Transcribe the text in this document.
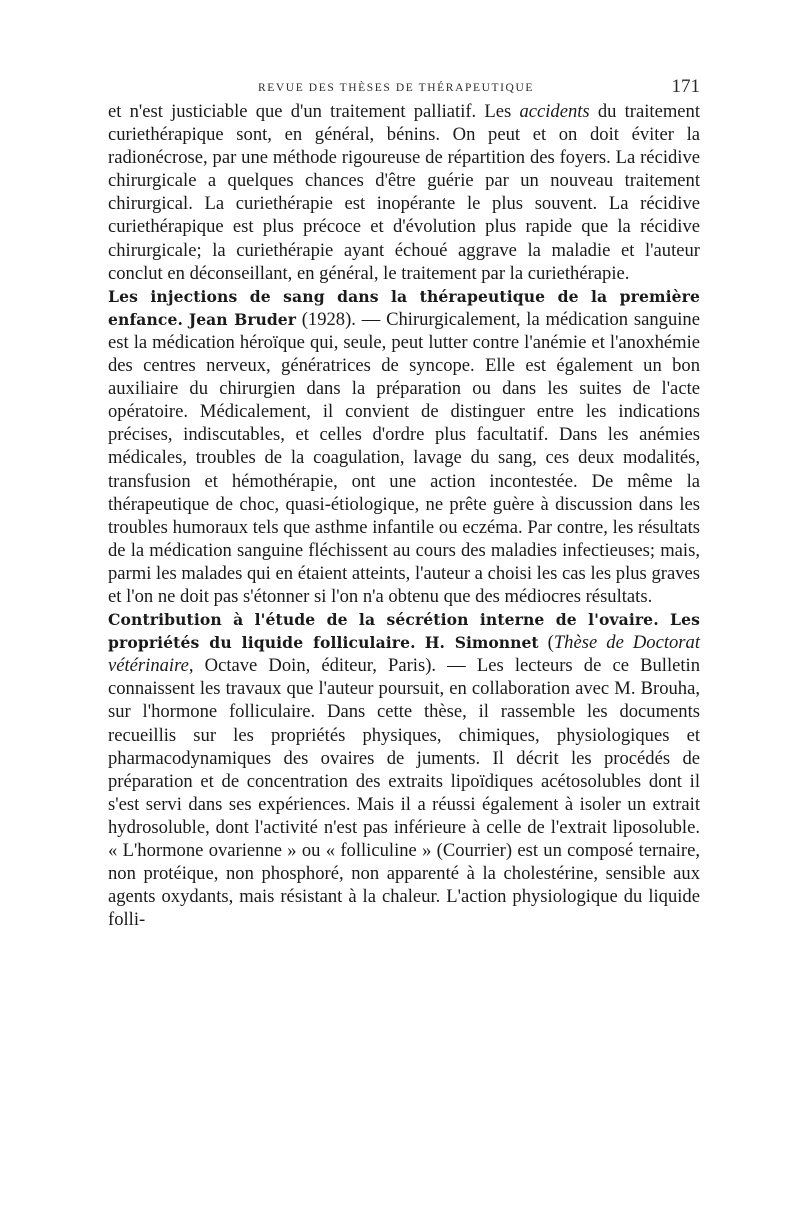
REVUE DES THÈSES DE THÉRAPEUTIQUE	171

et n'est justiciable que d'un traitement palliatif. Les accidents du traitement curiethérapique sont, en général, bénins. On peut et on doit éviter la radionécrose, par une méthode rigoureuse de répartition des foyers. La récidive chirurgicale a quelques chances d'être guérie par un nouveau traitement chirurgical. La curiethérapie est inopérante le plus souvent. La récidive curiethérapique est plus précoce et d'évolution plus rapide que la récidive chirurgicale; la curiethérapie ayant échoué aggrave la maladie et l'auteur conclut en déconseillant, en général, le traitement par la curiethérapie.

Les injections de sang dans la thérapeutique de la première enfance. Jean Bruder (1928). — Chirurgicalement, la médication sanguine est la médication héroïque qui, seule, peut lutter contre l'anémie et l'anoxhémie des centres nerveux, génératrices de syncope. Elle est également un bon auxiliaire du chirurgien dans la préparation ou dans les suites de l'acte opératoire. Médicalement, il convient de distinguer entre les indications précises, indiscutables, et celles d'ordre plus facultatif. Dans les anémies médicales, troubles de la coagulation, lavage du sang, ces deux modalités, transfusion et hémothérapie, ont une action incontestée. De même la thérapeutique de choc, quasi-étiologique, ne prête guère à discussion dans les troubles humoraux tels que asthme infantile ou eczéma. Par contre, les résultats de la médication sanguine fléchissent au cours des maladies infectieuses; mais, parmi les malades qui en étaient atteints, l'auteur a choisi les cas les plus graves et l'on ne doit pas s'étonner si l'on n'a obtenu que des médiocres résultats.

Contribution à l'étude de la sécrétion interne de l'ovaire. Les propriétés du liquide folliculaire. H. Simonnet (Thèse de Doctorat vétérinaire, Octave Doin, éditeur, Paris). — Les lecteurs de ce Bulletin connaissent les travaux que l'auteur poursuit, en collaboration avec M. Brouha, sur l'hormone folliculaire. Dans cette thèse, il rassemble les documents recueillis sur les propriétés physiques, chimiques, physiologiques et pharmacodynamiques des ovaires de juments. Il décrit les procédés de préparation et de concentration des extraits lipoïdiques acétosolubles dont il s'est servi dans ses expériences. Mais il a réussi également à isoler un extrait hydrosoluble, dont l'activité n'est pas inférieure à celle de l'extrait liposoluble. « L'hormone ovarienne » ou « folliculine » (Courrier) est un composé ternaire, non protéique, non phosphoré, non apparenté à la cholestérine, sensible aux agents oxydants, mais résistant à la chaleur. L'action physiologique du liquide folli-
